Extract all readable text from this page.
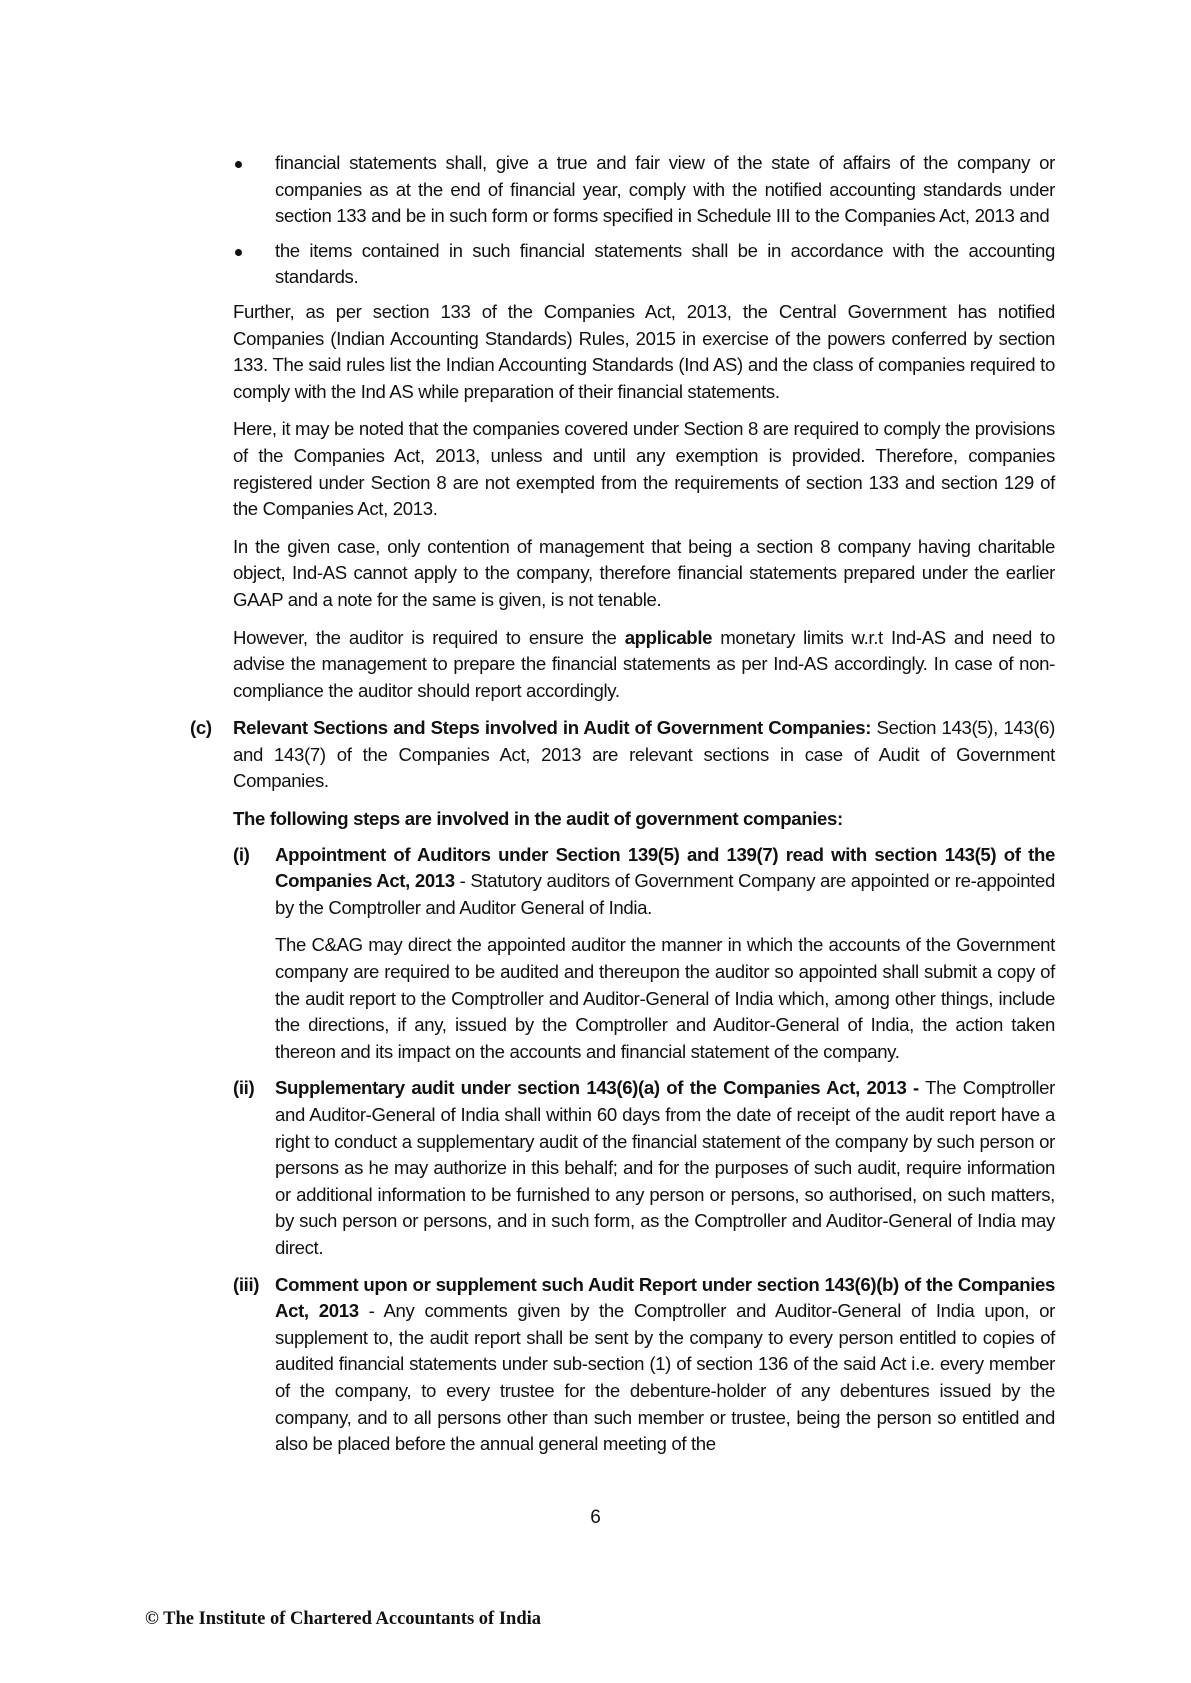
financial statements shall, give a true and fair view of the state of affairs of the company or companies as at the end of financial year, comply with the notified accounting standards under section 133 and be in such form or forms specified in Schedule III to the Companies Act, 2013 and
the items contained in such financial statements shall be in accordance with the accounting standards.

Further, as per section 133 of the Companies Act, 2013, the Central Government has notified Companies (Indian Accounting Standards) Rules, 2015 in exercise of the powers conferred by section 133. The said rules list the Indian Accounting Standards (Ind AS) and the class of companies required to comply with the Ind AS while preparation of their financial statements.

Here, it may be noted that the companies covered under Section 8 are required to comply the provisions of the Companies Act, 2013, unless and until any exemption is provided. Therefore, companies registered under Section 8 are not exempted from the requirements of section 133 and section 129 of the Companies Act, 2013.

In the given case, only contention of management that being a section 8 company having charitable object, Ind-AS cannot apply to the company, therefore financial statements prepared under the earlier GAAP and a note for the same is given, is not tenable.

However, the auditor is required to ensure the applicable monetary limits w.r.t Ind-AS and need to advise the management to prepare the financial statements as per Ind-AS accordingly. In case of non-compliance the auditor should report accordingly.

(c) Relevant Sections and Steps involved in Audit of Government Companies: Section 143(5), 143(6) and 143(7) of the Companies Act, 2013 are relevant sections in case of Audit of Government Companies.

The following steps are involved in the audit of government companies:

(i) Appointment of Auditors under Section 139(5) and 139(7) read with section 143(5) of the Companies Act, 2013 - Statutory auditors of Government Company are appointed or re-appointed by the Comptroller and Auditor General of India.

The C&AG may direct the appointed auditor the manner in which the accounts of the Government company are required to be audited and thereupon the auditor so appointed shall submit a copy of the audit report to the Comptroller and Auditor-General of India which, among other things, include the directions, if any, issued by the Comptroller and Auditor-General of India, the action taken thereon and its impact on the accounts and financial statement of the company.

(ii) Supplementary audit under section 143(6)(a) of the Companies Act, 2013 - The Comptroller and Auditor-General of India shall within 60 days from the date of receipt of the audit report have a right to conduct a supplementary audit of the financial statement of the company by such person or persons as he may authorize in this behalf; and for the purposes of such audit, require information or additional information to be furnished to any person or persons, so authorised, on such matters, by such person or persons, and in such form, as the Comptroller and Auditor-General of India may direct.

(iii) Comment upon or supplement such Audit Report under section 143(6)(b) of the Companies Act, 2013 - Any comments given by the Comptroller and Auditor-General of India upon, or supplement to, the audit report shall be sent by the company to every person entitled to copies of audited financial statements under sub-section (1) of section 136 of the said Act i.e. every member of the company, to every trustee for the debenture-holder of any debentures issued by the company, and to all persons other than such member or trustee, being the person so entitled and also be placed before the annual general meeting of the

6
© The Institute of Chartered Accountants of India
